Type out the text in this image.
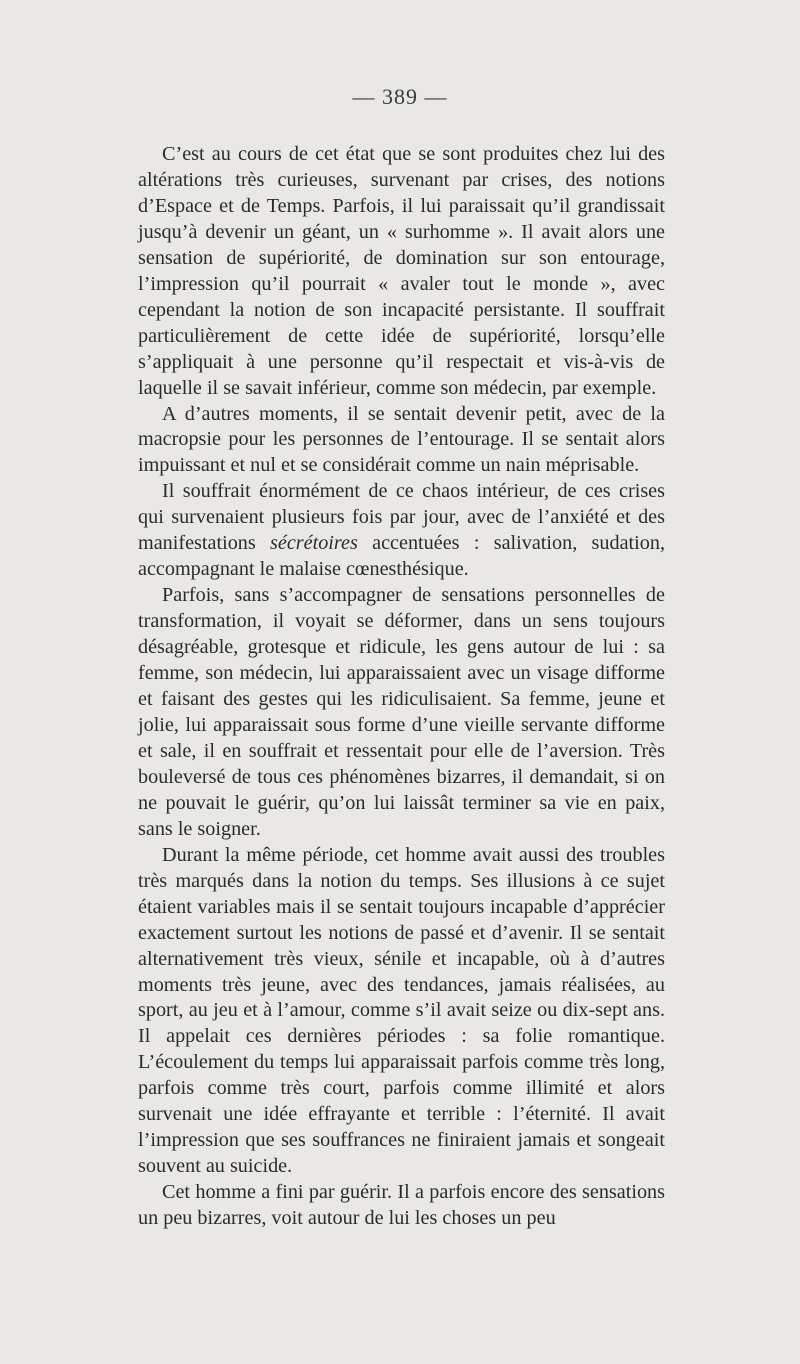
— 389 —

C’est au cours de cet état que se sont produites chez lui des altérations très curieuses, survenant par crises, des notions d’Espace et de Temps. Parfois, il lui paraissait qu’il grandissait jusqu’à devenir un géant, un « surhomme ». Il avait alors une sensation de supériorité, de domination sur son entourage, l’impression qu’il pourrait « avaler tout le monde », avec cependant la notion de son incapacité persistante. Il souffrait particulièrement de cette idée de supériorité, lorsqu’elle s’appliquait à une personne qu’il respectait et vis-à-vis de laquelle il se savait inférieur, comme son médecin, par exemple.

A d’autres moments, il se sentait devenir petit, avec de la macropsie pour les personnes de l’entourage. Il se sentait alors impuissant et nul et se considérait comme un nain méprisable.

Il souffrait énormément de ce chaos intérieur, de ces crises qui survenaient plusieurs fois par jour, avec de l’anxiété et des manifestations sécrétoires accentuées : salivation, sudation, accompagnant le malaise cœnesthésique.

Parfois, sans s’accompagner de sensations personnelles de transformation, il voyait se déformer, dans un sens toujours désagréable, grotesque et ridicule, les gens autour de lui : sa femme, son médecin, lui apparaissaient avec un visage difforme et faisant des gestes qui les ridiculisaient. Sa femme, jeune et jolie, lui apparaissait sous forme d’une vieille servante difforme et sale, il en souffrait et ressentait pour elle de l’aversion. Très bouleversé de tous ces phénomènes bizarres, il demandait, si on ne pouvait le guérir, qu’on lui laissât terminer sa vie en paix, sans le soigner.

Durant la même période, cet homme avait aussi des troubles très marqués dans la notion du temps. Ses illusions à ce sujet étaient variables mais il se sentait toujours incapable d’apprécier exactement surtout les notions de passé et d’avenir. Il se sentait alternativement très vieux, sénile et incapable, où à d’autres moments très jeune, avec des tendances, jamais réalisées, au sport, au jeu et à l’amour, comme s’il avait seize ou dix-sept ans. Il appelait ces dernières périodes : sa folie romantique. L’écoulement du temps lui apparaissait parfois comme très long, parfois comme très court, parfois comme illimité et alors survenait une idée effrayante et terrible : l’éternité. Il avait l’impression que ses souffrances ne finiraient jamais et songeait souvent au suicide.

Cet homme a fini par guérir. Il a parfois encore des sensations un peu bizarres, voit autour de lui les choses un peu
